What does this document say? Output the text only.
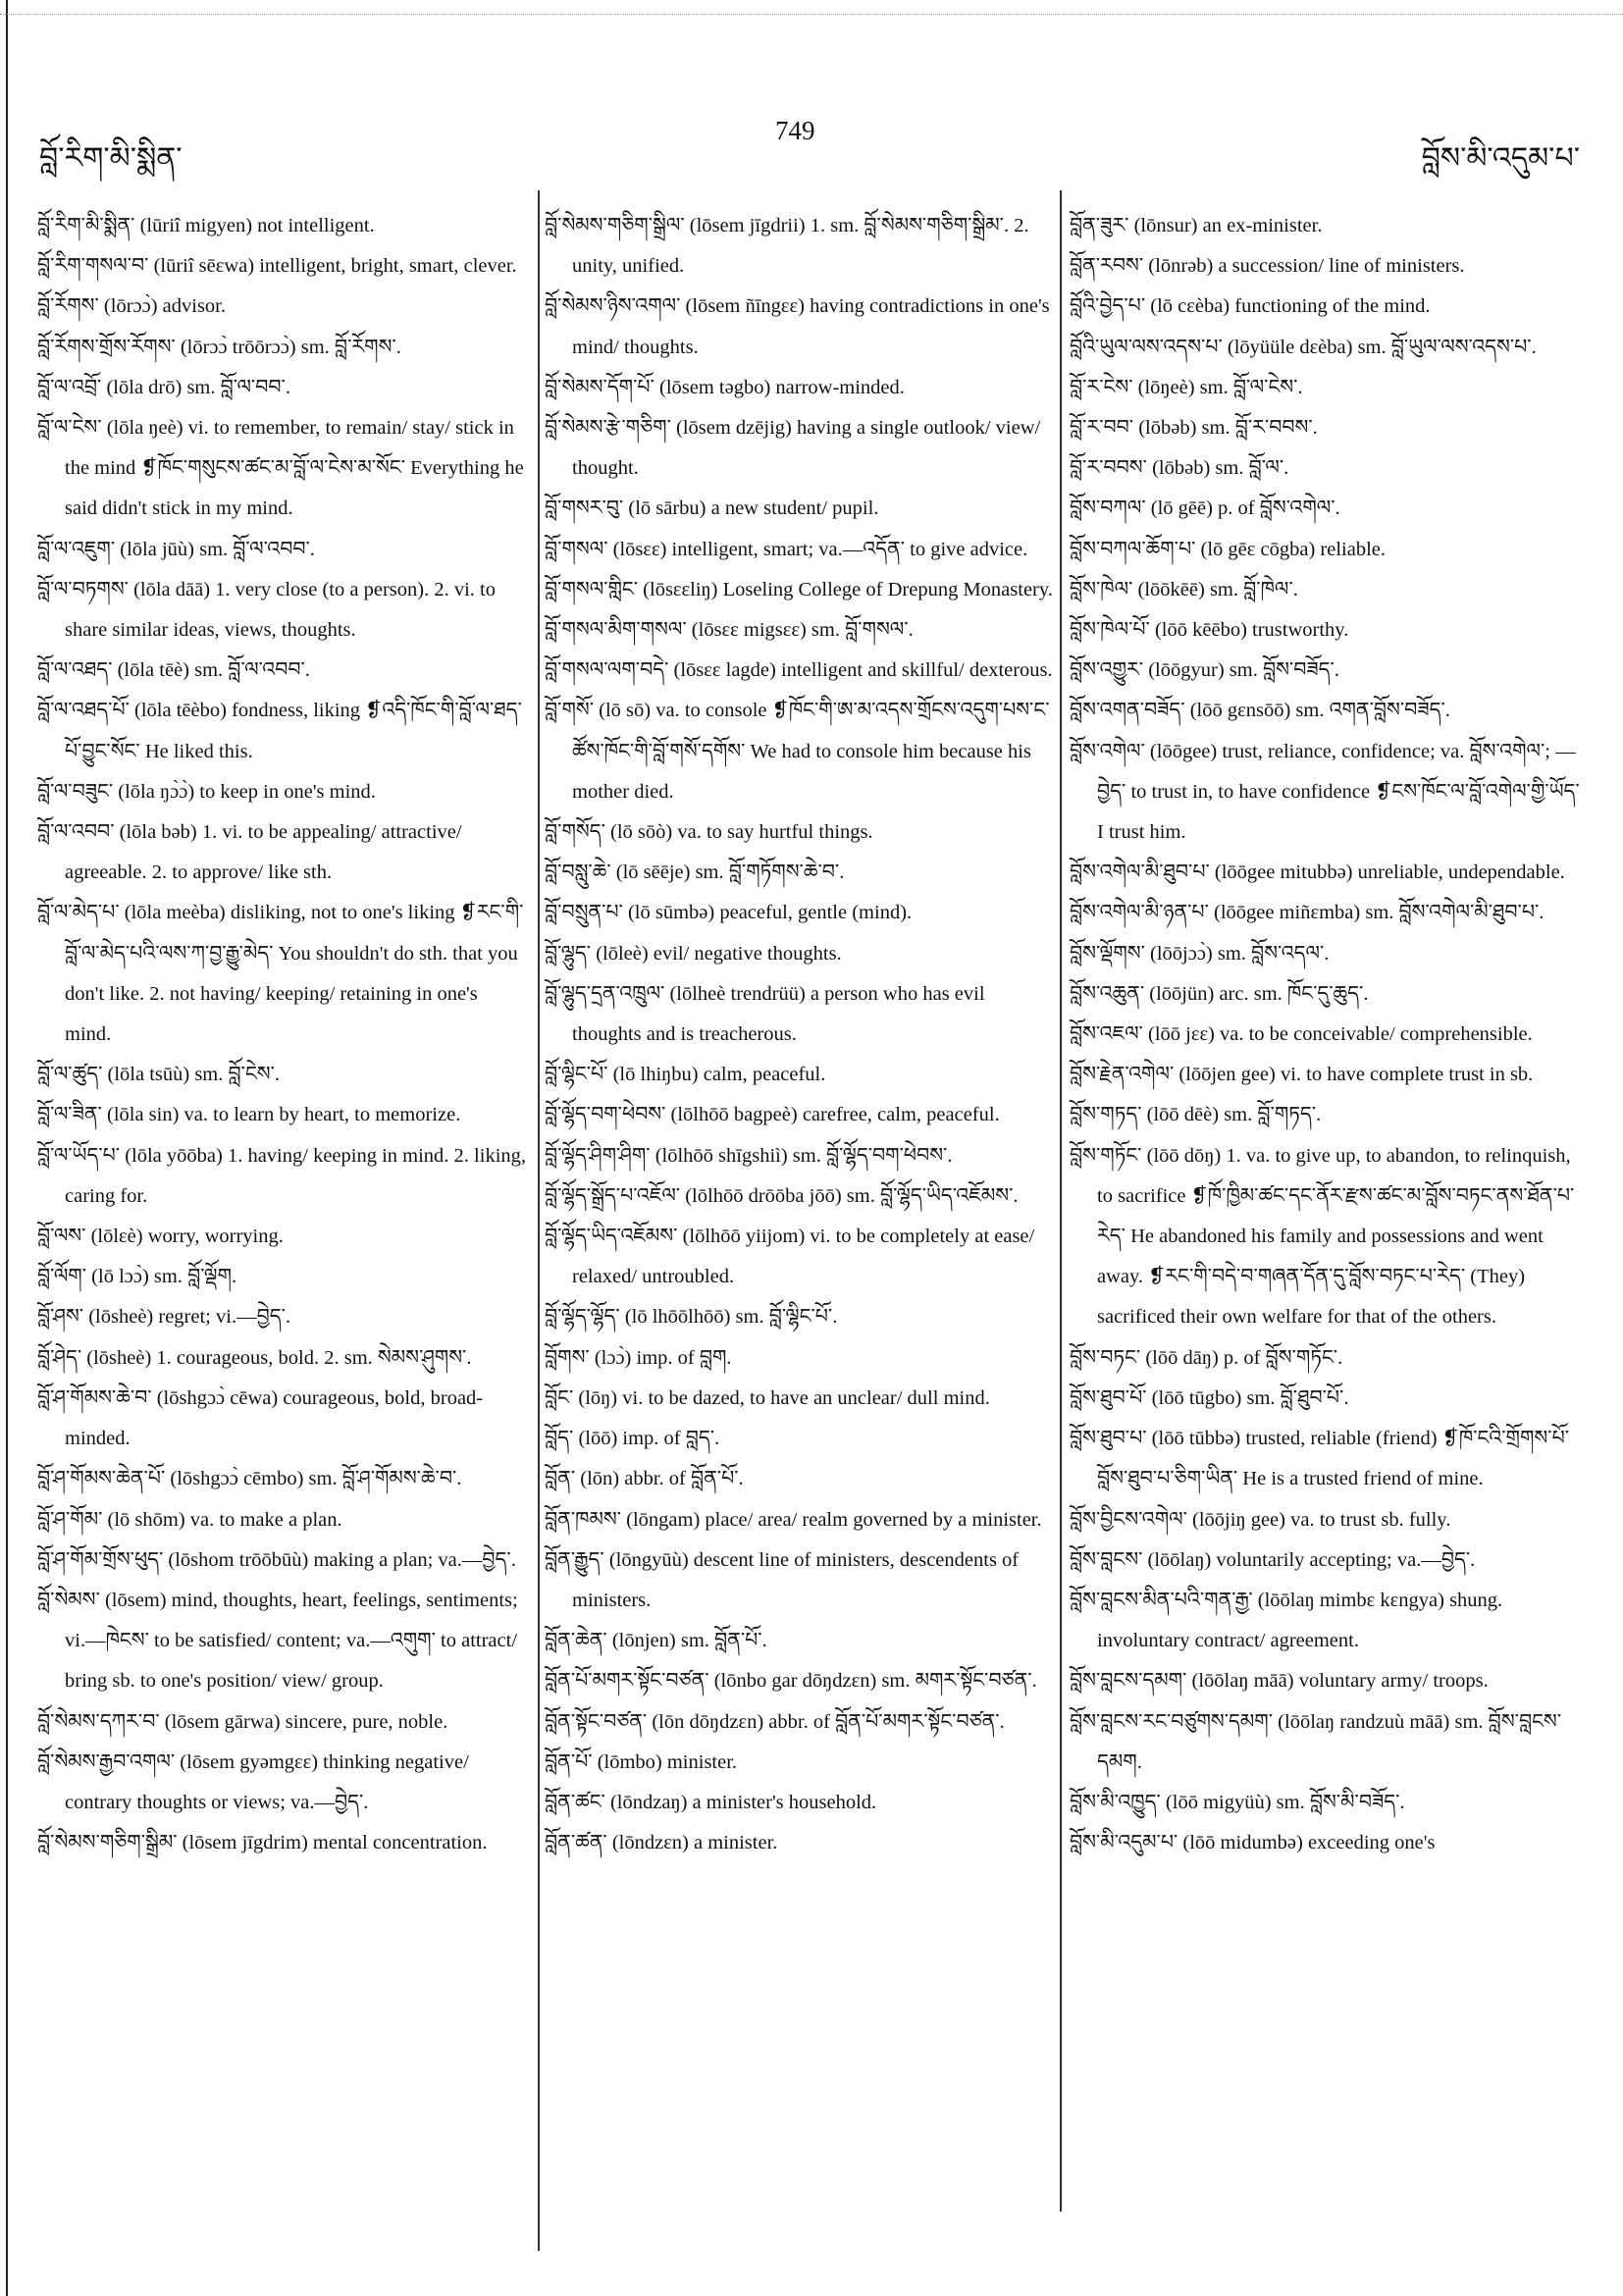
བློ་རིག་མི་སྨིན་
749
བློས་མི་འདུམ་པ་

བློ་རིག་མི་སྨིན་ (lūriî migyen) not intelligent.

བློ་རིག་གསལ་བ་ (lūriî sēεwa) intelligent, bright, smart, clever.

བློ་རོགས་ (lōrɔɔ̀) advisor.

བློ་རོགས་གྲོས་རོགས་ (lōrɔɔ̀ trōōrɔɔ̀) sm. བློ་རོགས་.

བློ་ལ་འབྲོ་ (lōla drō) sm. བློ་ལ་བབ་.

བློ་ལ་ངེས་ (lōla ŋeè) vi. to remember, to remain/ stay/ stick in the mind ❡ཁོང་གསུངས་ཚང་མ་བློ་ལ་ངེས་མ་སོང་ Everything he said didn't stick in my mind.

བློ་ལ་འཇུག་ (lōla jūù) sm. བློ་ལ་འབབ་.

བློ་ལ་བཏགས་ (lōla dāā) 1. very close (to a person). 2. vi. to share similar ideas, views, thoughts.

བློ་ལ་འཐད་ (lōla tēè) sm. བློ་ལ་འབབ་.

བློ་ལ་འཐད་པོ་ (lōla tēèbo) fondness, liking ❡འདི་ཁོང་གི་བློ་ལ་ཐད་པོ་བྱུང་སོང་ He liked this.

བློ་ལ་བཟུང་ (lōla ŋɔ̀ɔ̀) to keep in one's mind.

བློ་ལ་འབབ་ (lōla bəb) 1. vi. to be appealing/ attractive/ agreeable. 2. to approve/ like sth.

བློ་ལ་མེད་པ་ (lōla meèba) disliking, not to one's liking ❡རང་གི་བློ་ལ་མེད་པའི་ལས་ཀ་བྱ་རྒྱུ་མེད་ You shouldn't do sth. that you don't like. 2. not having/ keeping/ retaining in one's mind.

བློ་ལ་ཚུད་ (lōla tsūù) sm. བློ་ངེས་.

བློ་ལ་ཟིན་ (lōla sin) va. to learn by heart, to memorize.

བློ་ལ་ཡོད་པ་ (lōla yōōba) 1. having/ keeping in mind. 2. liking, caring for.

བློ་ལས་ (lōlεè) worry, worrying.

བློ་ལོག་ (lō lɔɔ̀) sm. བློ་ལྡོག.

བློ་ཤས་ (lōsheè) regret; vi.—བྱེད་.

བློ་ཤེད་ (lōsheè) 1. courageous, bold. 2. sm. སེམས་ཤུགས་.

བློ་ཤ་གོམས་ཆེ་བ་ (lōshgɔɔ̀ cēwa) courageous, bold, broad-minded.

བློ་ཤ་གོམས་ཆེན་པོ་ (lōshgɔɔ̀ cēmbo) sm. བློ་ཤ་གོམས་ཆེ་བ་.

བློ་ཤ་གོམ་ (lō shōm) va. to make a plan.

བློ་ཤ་གོམ་གྲོས་ཕུད་ (lōshom trōōbūù) making a plan; va.—བྱེད་.

བློ་སེམས་ (lōsem) mind, thoughts, heart, feelings, sentiments; vi.—ཁེངས་ to be satisfied/ content; va.—འགུག་ to attract/ bring sb. to one's position/ view/ group.

བློ་སེམས་དཀར་བ་ (lōsem gārwa) sincere, pure, noble.

བློ་སེམས་རྒྱབ་འགལ་ (lōsem gyəmgεε) thinking negative/ contrary thoughts or views; va.—བྱེད་.

བློ་སེམས་གཅིག་སྒྲིམ་ (lōsem jīgdrim) mental concentration.

བློ་སེམས་གཅིག་སྒྲིལ་ (lōsem jīgdrii) 1. sm. བློ་སེམས་གཅིག་སྒྲིམ་. 2. unity, unified.

བློ་སེམས་ཉིས་འགལ་ (lōsem ñīngεε) having contradictions in one's mind/ thoughts.

བློ་སེམས་དོག་པོ་ (lōsem təgbo) narrow-minded.

བློ་སེམས་རྩེ་གཅིག་ (lōsem dzējig) having a single outlook/ view/ thought.

བློ་གསར་བུ་ (lō sārbu) a new student/ pupil.

བློ་གསལ་ (lōsεε) intelligent, smart; va.—འདོན་ to give advice.

བློ་གསལ་གླིང་ (lōsεεliŋ) Loseling College of Drepung Monastery.

བློ་གསལ་མིག་གསལ་ (lōsεε migsεε) sm. བློ་གསལ་.

བློ་གསལ་ལག་བདེ་ (lōsεε lagde) intelligent and skillful/ dexterous.

བློ་གསོ་ (lō sō) va. to console ❡ཁོང་གི་ཨ་མ་འདས་གྲོངས་འདུག་པས་ང་ཚོས་ཁོང་གི་བློ་གསོ་དགོས་ We had to console him because his mother died.

བློ་གསོད་ (lō sōò) va. to say hurtful things.

བློ་བསླུ་ཆེ་ (lō sēēje) sm. བློ་གཏོགས་ཆེ་བ་.

བློ་བསྲུན་པ་ (lō sūmbə) peaceful, gentle (mind).

བློ་ལྷུད་ (lōleè) evil/ negative thoughts.

བློ་ལྷུད་དྲན་འཁྲུལ་ (lōlheè trendrüü) a person who has evil thoughts and is treacherous.

བློ་ལྷིང་པོ་ (lō lhiŋbu) calm, peaceful.

བློ་ལྷོད་བག་ཕེབས་ (lōlhōō bagpeè) carefree, calm, peaceful.

བློ་ལྷོད་ཤིག་ཤིག་ (lōlhōō shīgshiì) sm. བློ་ལྷོད་བག་ཕེབས་.

བློ་ལྷོད་སྒྲོད་པ་འཇོལ་ (lōlhōō drōōba jōō) sm. བློ་ལྷོད་ཡིད་འཇོམས་.

བློ་ལྷོད་ཡིད་འཇོམས་ (lōlhōō yiijom) vi. to be completely at ease/ relaxed/ untroubled.

བློ་ལྷོད་ལྷོད་ (lō lhōōlhōō) sm. བློ་ལྷིང་པོ་.

བློགས་ (lɔɔ̀) imp. of བླག.

བློང་ (lōŋ) vi. to be dazed, to have an unclear/ dull mind.

བློད་ (lōō) imp. of བླད་.

བློན་ (lōn) abbr. of བློན་པོ་.

བློན་ཁམས་ (lōngam) place/ area/ realm governed by a minister.

བློན་རྒྱུད་ (lōngyūù) descent line of ministers, descendents of ministers.

བློན་ཆེན་ (lōnjen) sm. བློན་པོ་.

བློན་པོ་མགར་སྟོང་བཙན་ (lōnbo gar dōŋdzεn) sm. མགར་སྟོང་བཙན་.

བློན་སྟོང་བཙན་ (lōn dōŋdzεn) abbr. of བློན་པོ་མགར་སྟོང་བཙན་.

བློན་པོ་ (lōmbo) minister.

བློན་ཚང་ (lōndzaŋ) a minister's household.

བློན་ཚན་ (lōndzεn) a minister.

བློན་ཟུར་ (lōnsur) an ex-minister.

བློན་རབས་ (lōnrəb) a succession/ line of ministers.

བློའི་བྱེད་པ་ (lō cεèba) functioning of the mind.

བློའི་ཡུལ་ལས་འདས་པ་ (lōyüüle dεèba) sm. བློ་ཡུལ་ལས་འདས་པ་.

བློ་ར་ངེས་ (lōŋeè) sm. བློ་ལ་ངེས་.

བློ་ར་བབ་ (lōbəb) sm. བློ་ར་བབས་.

བློ་ར་བབས་ (lōbəb) sm. བློ་ལ་.

བློས་བཀལ་ (lō gēē) p. of བློས་འགེལ་.

བློས་བཀལ་ཆོག་པ་ (lō gēε cōgba) reliable.

བློས་ཁེལ་ (lōōkēē) sm. བློ་ཁེལ་.

བློས་ཁེལ་པོ་ (lōō kēēbo) trustworthy.

བློས་འགྱུར་ (lōōgyur) sm. བློས་བཟོད་.

བློས་འགན་བཟོད་ (lōō gεnsōō) sm. འགན་བློས་བཟོད་.

བློས་འགེལ་ (lōōgee) trust, reliance, confidence; va. བློས་འགེལ་; —བྱེད་ to trust in, to have confidence ❡ངས་ཁོང་ལ་བློ་འགེལ་གྱི་ཡོད་ I trust him.

བློས་འགེལ་མི་ཐུབ་པ་ (lōōgee mitubbə) unreliable, undependable.

བློས་འགེལ་མི་ཉན་པ་ (lōōgee miñεmba) sm. བློས་འགེལ་མི་ཐུབ་པ་.

བློས་ལྡོགས་ (lōōjɔɔ̀) sm. བློས་འདལ་.

བློས་འཆུན་ (lōōjün) arc. sm. ཁོང་དུ་ཆུད་.

བློས་འཇལ་ (lōō jεε) va. to be conceivable/ comprehensible.

བློས་རྗེན་འགེལ་ (lōōjen gee) vi. to have complete trust in sb.

བློས་གཏད་ (lōō dēè) sm. བློ་གཏད་.

བློས་གཏོང་ (lōō dōŋ) 1. va. to give up, to abandon, to relinquish, to sacrifice ❡ཁོ་ཁྱིམ་ཚང་དང་ནོར་རྫས་ཚང་མ་བློས་བཏང་ནས་ཐོན་པ་རེད་ He abandoned his family and possessions and went away. ❡རང་གི་བདེ་བ་གཞན་དོན་དུ་བློས་བཏང་པ་རེད་ (They) sacrificed their own welfare for that of the others.

བློས་བཏང་ (lōō dāŋ) p. of བློས་གཏོང་.

བློས་ཐུབ་པོ་ (lōō tūgbo) sm. བློ་ཐུབ་པོ་.

བློས་ཐུབ་པ་ (lōō tūbbə) trusted, reliable (friend) ❡ཁོ་ངའི་གྲོགས་པོ་བློས་ཐུབ་པ་ཅིག་ཡིན་ He is a trusted friend of mine.

བློས་བྱིངས་འགེལ་ (lōōjiŋ gee) va. to trust sb. fully.

བློས་བླངས་ (lōōlaŋ) voluntarily accepting; va.—བྱེད་.

བློས་བླངས་མིན་པའི་གན་རྒྱ་ (lōōlaŋ mimbε kεngya) shung. involuntary contract/ agreement.

བློས་བླངས་དམག་ (lōōlaŋ māā) voluntary army/ troops.

བློས་བླངས་རང་བཙུགས་དམག་ (lōōlaŋ randzuù māā) sm. བློས་བླངས་དམག.

བློས་མི་འཁྱུད་ (lōō migyüù) sm. བློས་མི་བཟོད་.

བློས་མི་འདུམ་པ་ (lōō midumbə) exceeding one's
